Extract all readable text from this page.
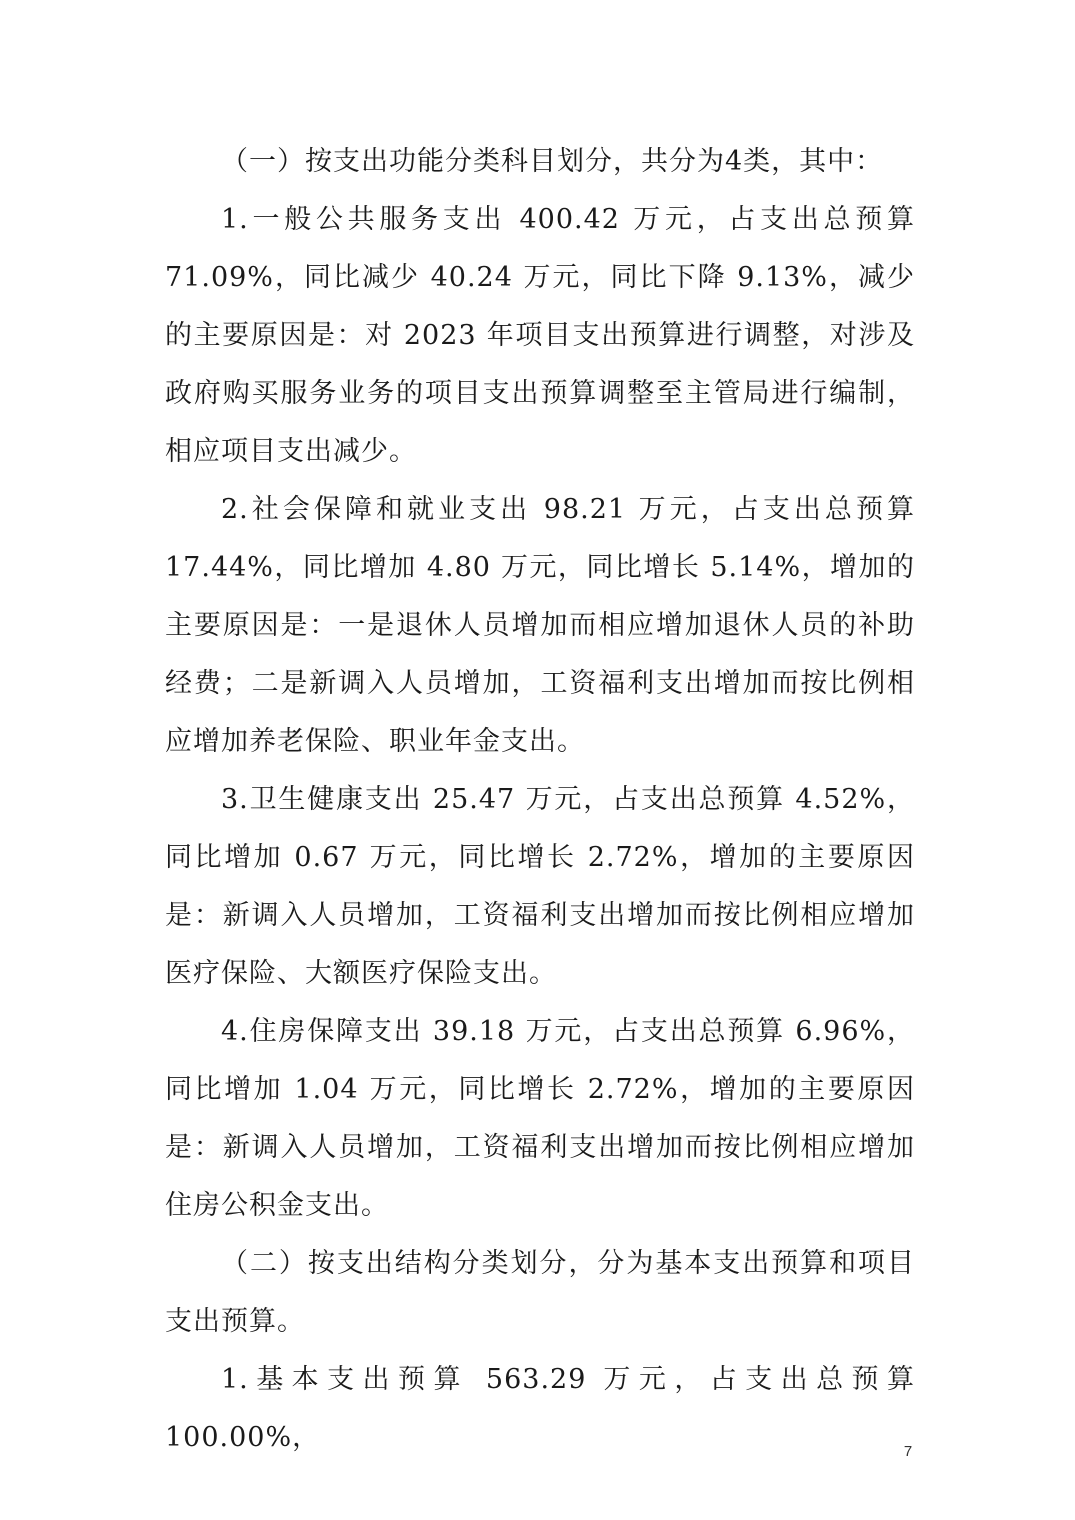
（一）按支出功能分类科目划分，共分为4类，其中：

1.一般公共服务支出 400.42 万元，占支出总预算71.09%，同比减少 40.24 万元，同比下降 9.13%，减少的主要原因是：对 2023 年项目支出预算进行调整，对涉及政府购买服务业务的项目支出预算调整至主管局进行编制，相应项目支出减少。

2.社会保障和就业支出 98.21 万元，占支出总预算17.44%，同比增加 4.80 万元，同比增长 5.14%，增加的主要原因是：一是退休人员增加而相应增加退休人员的补助经费；二是新调入人员增加，工资福利支出增加而按比例相应增加养老保险、职业年金支出。

3.卫生健康支出 25.47 万元，占支出总预算 4.52%，同比增加 0.67 万元，同比增长 2.72%，增加的主要原因是：新调入人员增加，工资福利支出增加而按比例相应增加医疗保险、大额医疗保险支出。

4.住房保障支出 39.18 万元，占支出总预算 6.96%，同比增加 1.04 万元，同比增长 2.72%，增加的主要原因是：新调入人员增加，工资福利支出增加而按比例相应增加住房公积金支出。

（二）按支出结构分类划分，分为基本支出预算和项目支出预算。

1.基本支出预算 563.29 万元，占支出总预算 100.00%，	7
